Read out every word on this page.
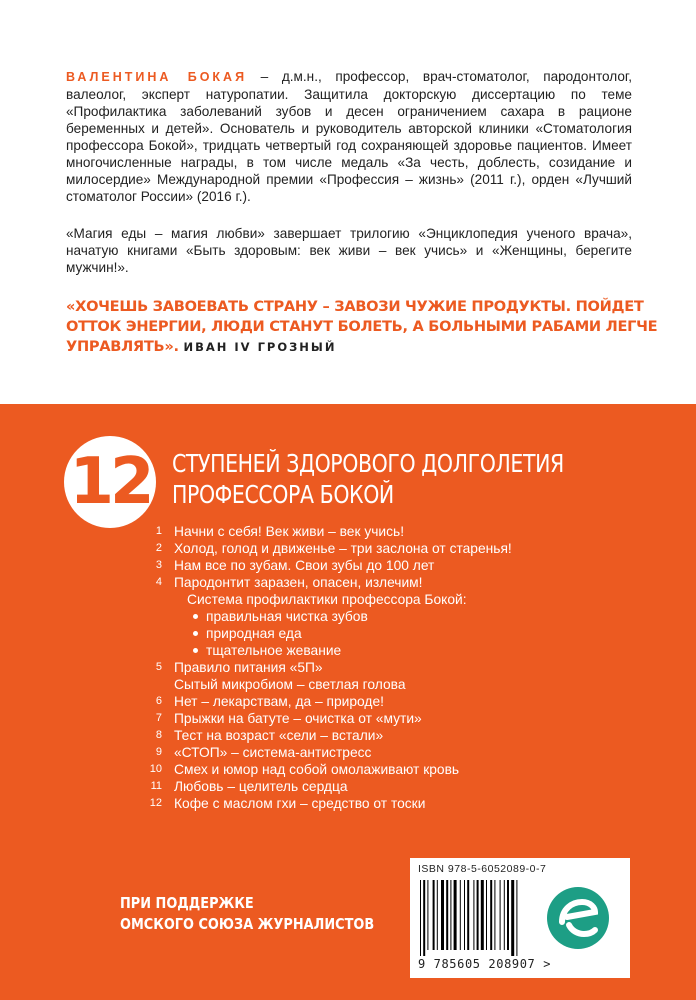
ВАЛЕНТИНА БОКАЯ – д.м.н., профессор, врач-стоматолог, пародонтолог, валеолог, эксперт натуропатии. Защитила докторскую диссертацию по теме «Профилактика заболеваний зубов и десен ограничением сахара в рационе беременных и детей». Основатель и руководитель авторской клиники «Стоматология профессора Бокой», тридцать четвертый год сохраняющей здоровье пациентов. Имеет многочисленные награды, в том числе медаль «За честь, доблесть, созидание и милосердие» Международной премии «Профессия – жизнь» (2011 г.), орден «Лучший стоматолог России» (2016 г.).
«Магия еды – магия любви» завершает трилогию «Энциклопедия ученого врача», начатую книгами «Быть здоровым: век живи – век учись» и «Женщины, берегите мужчин!».
«ХОЧЕШЬ ЗАВОЕВАТЬ СТРАНУ – ЗАВОЗИ ЧУЖИЕ ПРОДУКТЫ. ПОЙДЕТ ОТТОК ЭНЕРГИИ, ЛЮДИ СТАНУТ БОЛЕТЬ, А БОЛЬНЫМИ РАБАМИ ЛЕГЧЕ УПРАВЛЯТЬ». ИВАН IV ГРОЗНЫЙ
12 СТУПЕНЕЙ ЗДОРОВОГО ДОЛГОЛЕТИЯ
ПРОФЕССОРА БОКОЙ
1 Начни с себя! Век живи – век учись!
2 Холод, голод и движенье – три заслона от старенья!
3 Нам все по зубам. Свои зубы до 100 лет
4 Пародонтит заразен, опасен, излечим!
Система профилактики профессора Бокой:
правильная чистка зубов
природная еда
тщательное жевание
5 Правило питания «5П»
Сытый микробиом – светлая голова
6 Нет – лекарствам, да – природе!
7 Прыжки на батуте – очистка от «мути»
8 Тест на возраст «сели – встали»
9 «СТОП» – система-антистресс
10 Смех и юмор над собой омолаживают кровь
11 Любовь – целитель сердца
12 Кофе с маслом гхи – средство от тоски
ПРИ ПОДДЕРЖКЕ
ОМСКОГО СОЮЗА ЖУРНАЛИСТОВ
ISBN 978-5-6052089-0-7
9 785605 208907 >
